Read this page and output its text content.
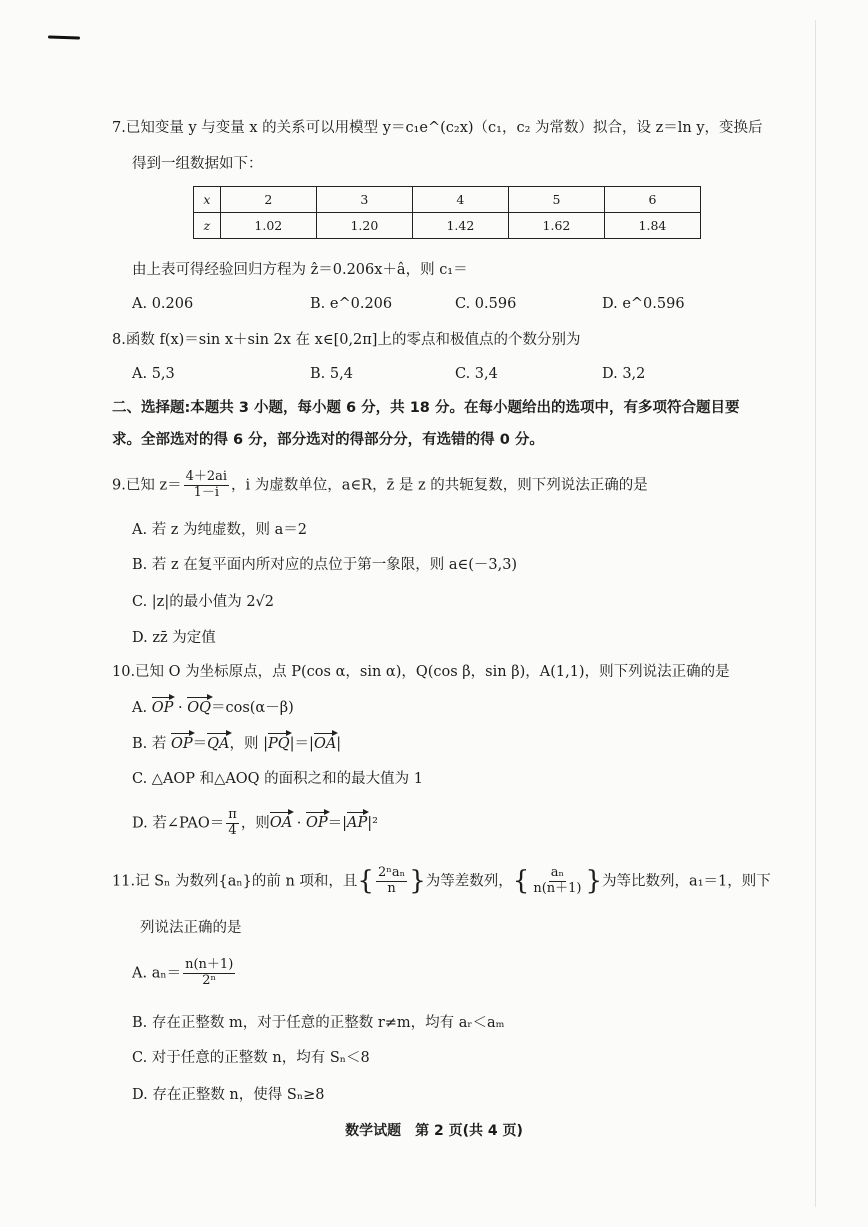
7.已知变量 y 与变量 x 的关系可以用模型 y＝c₁e^(c₂x)（c₁，c₂ 为常数）拟合，设 z＝ln y，变换后
得到一组数据如下：
x	2	3	4	5	6
z	1.02	1.20	1.42	1.62	1.84
由上表可得经验回归方程为 ẑ＝0.206x＋â，则 c₁＝
A. 0.206	B. e^0.206	C. 0.596	D. e^0.596
8.函数 f(x)＝sin x＋sin 2x 在 x∈[0,2π]上的零点和极值点的个数分别为
A. 5,3	B. 5,4	C. 3,4	D. 3,2
二、选择题:本题共 3 小题，每小题 6 分，共 18 分。在每小题给出的选项中，有多项符合题目要
求。全部选对的得 6 分，部分选对的得部分分，有选错的得 0 分。
9.已知 $z= \frac{4+2ai}{1-i}$ ，i 为虚数单位，a∈R，z̄ 是 z 的共轭复数，则下列说法正确的是
A. 若 z 为纯虚数，则 a＝2
B. 若 z 在复平面内所对应的点位于第一象限，则 a∈(－3,3)
C. |z|的最小值为 2√2
D. zz̄ 为定值
10.已知 O 为坐标原点，点 P(cos α，sin α)，Q(cos β，sin β)，A(1,1)，则下列说法正确的是
A. OP · OQ＝cos(α－β)
B. 若 OP＝QA，则 |PQ|＝|OA|
C. △AOP 和△AOQ 的面积之和的最大值为 1
D. 若∠PAO＝ $\frac{\pi}{4}$ ，则OA · OP＝|AP|²
11.记 Sₙ 为数列{aₙ}的前 n 项和，且{ $\frac{\text{2ⁿaₙ}}{n}$ }为等差数列，{ $\frac{\text{aₙ}}{n(n+1)}$ }为等比数列，a₁＝1，则下
列说法正确的是
A. $a_n= \frac{n(n+1)}{\text{2ⁿ}}$
B. 存在正整数 m，对于任意的正整数 r≠m，均有 aᵣ＜aₘ
C. 对于任意的正整数 n，均有 Sₙ＜8
D. 存在正整数 n，使得 Sₙ≥8
数学试题　第 2 页(共 4 页)
